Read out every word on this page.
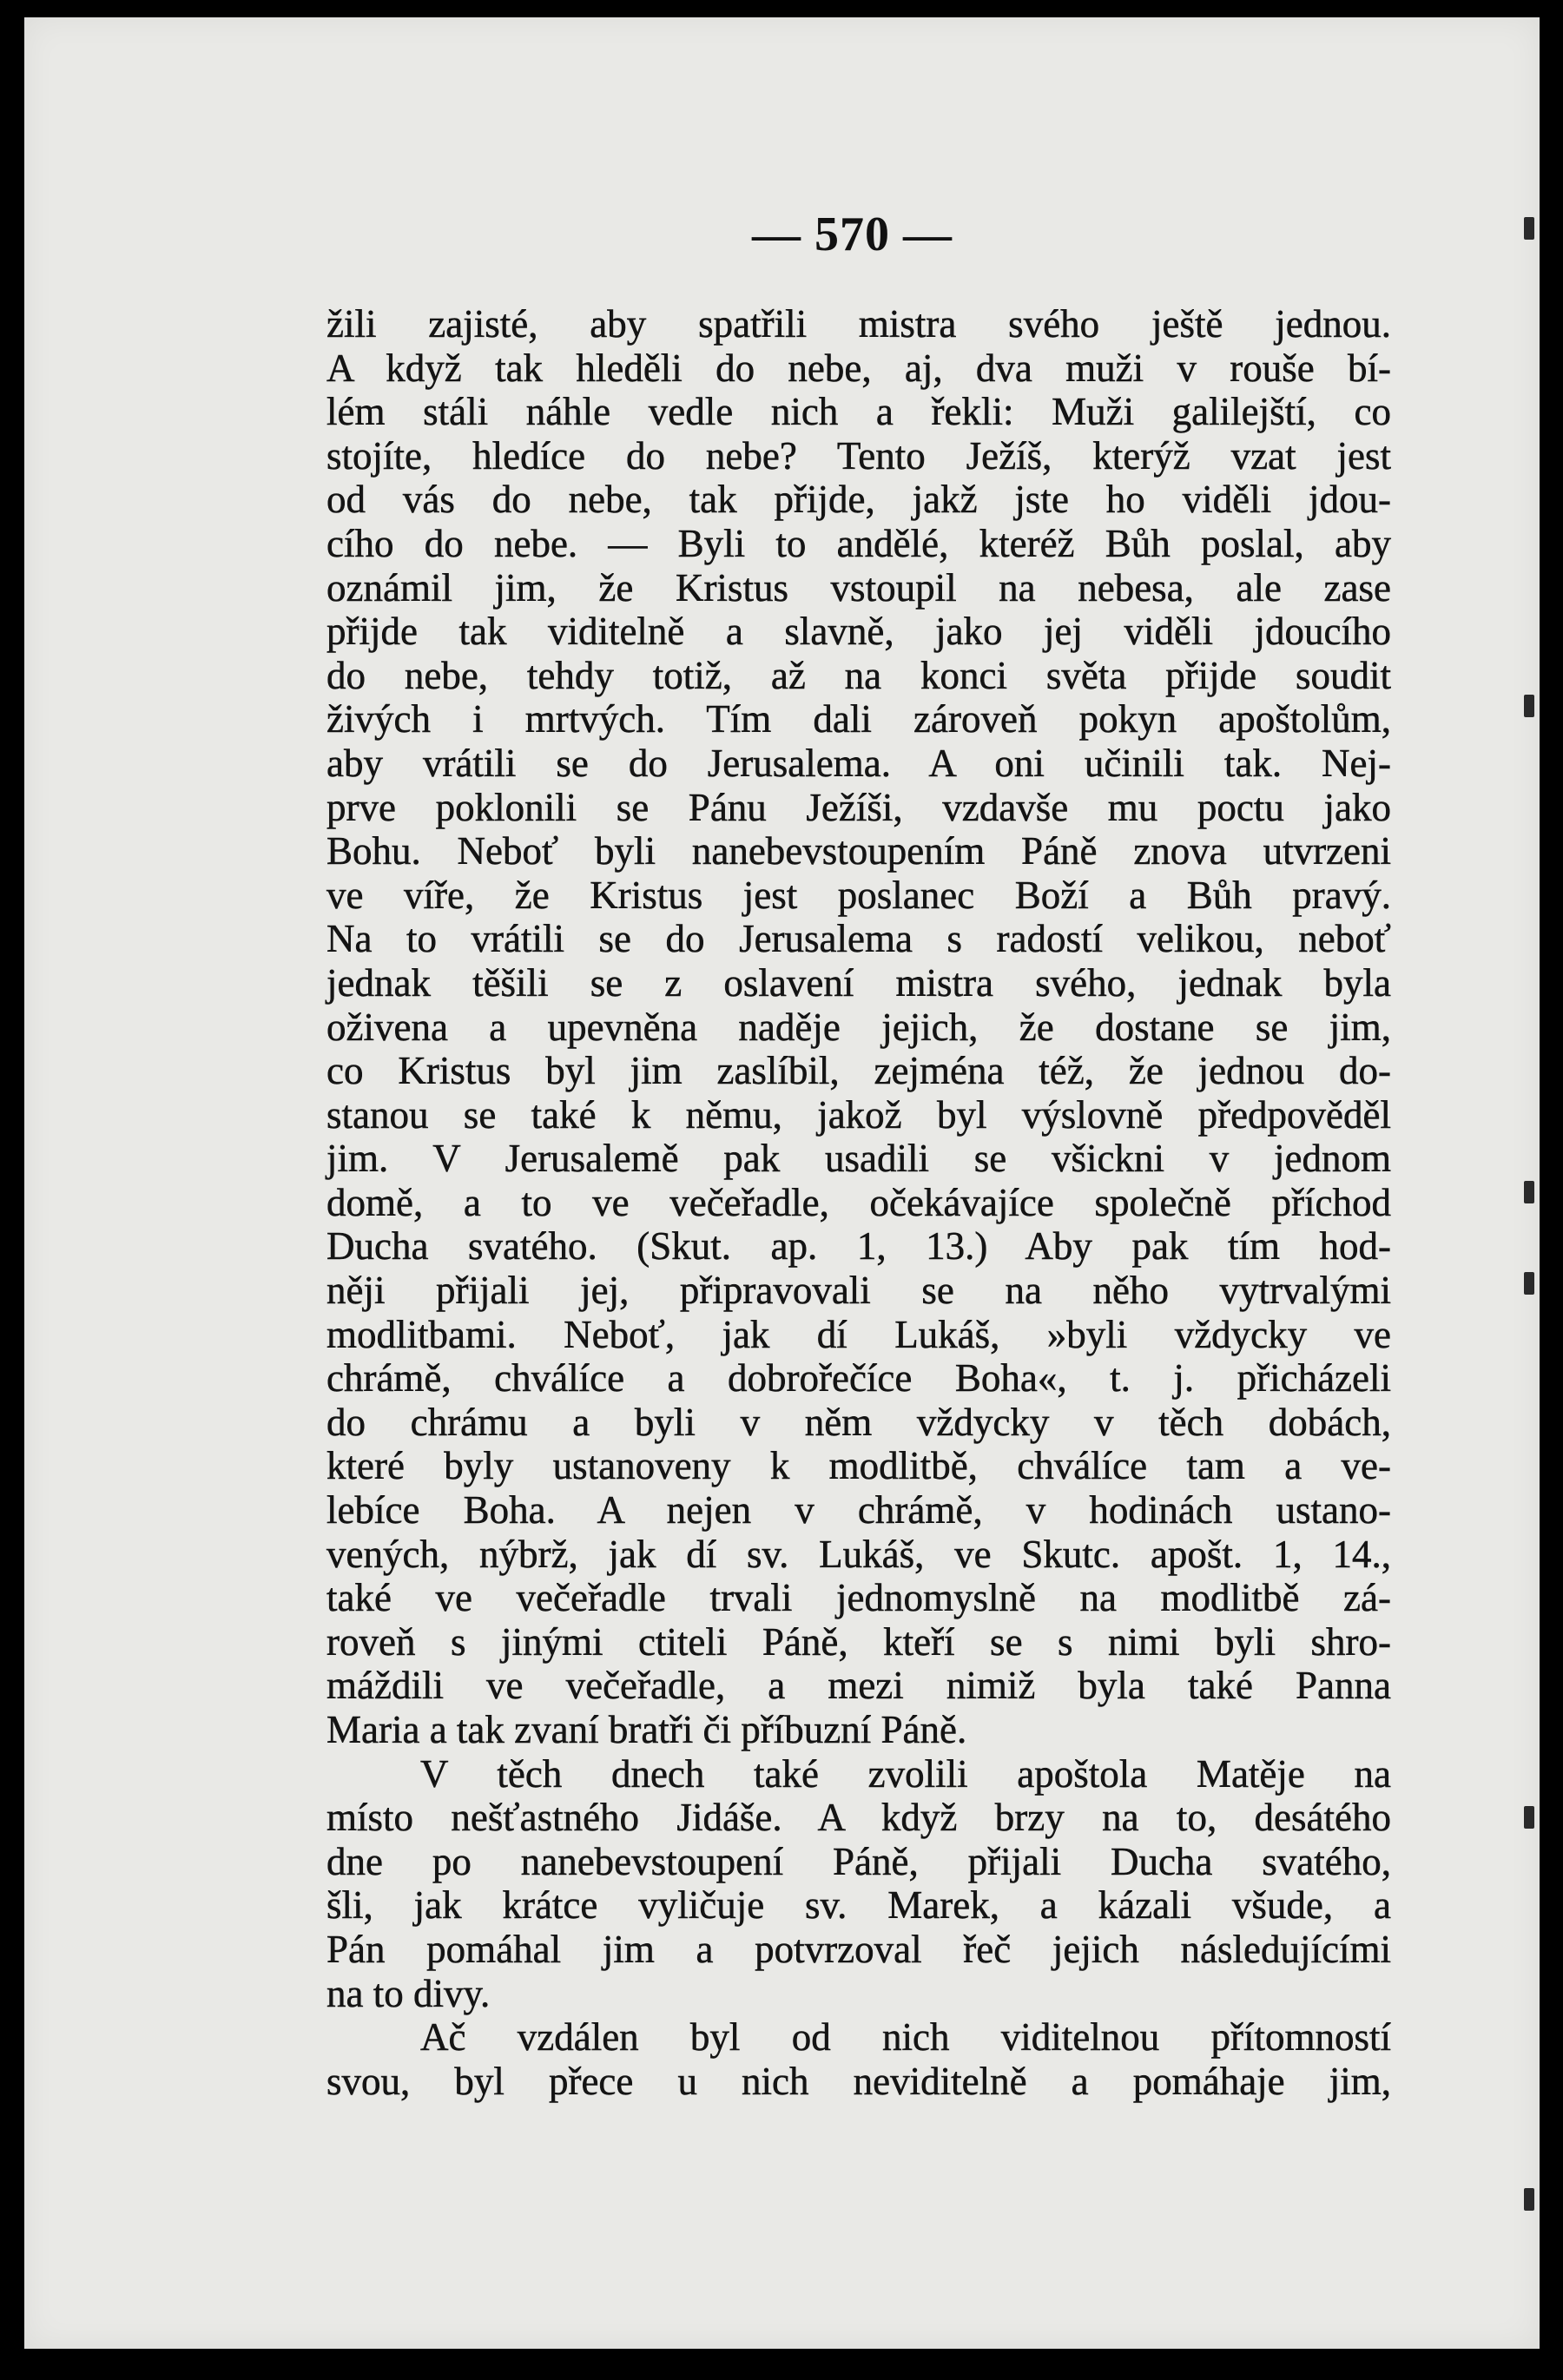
— 570 —
žili zajisté, aby spatřili mistra svého ještě jednou.
A když tak hleděli do nebe, aj, dva muži v rouše bí-
lém stáli náhle vedle nich a řekli: Muži galilejští, co
stojíte, hledíce do nebe? Tento Ježíš, kterýž vzat jest
od vás do nebe, tak přijde, jakž jste ho viděli jdou-
cího do nebe. — Byli to andělé, kteréž Bůh poslal, aby
oznámil jim, že Kristus vstoupil na nebesa, ale zase
přijde tak viditelně a slavně, jako jej viděli jdoucího
do nebe, tehdy totiž, až na konci světa přijde soudit
živých i mrtvých. Tím dali zároveň pokyn apoštolům,
aby vrátili se do Jerusalema. A oni učinili tak. Nej-
prve poklonili se Pánu Ježíši, vzdavše mu poctu jako
Bohu. Neboť byli nanebevstoupením Páně znova utvrzeni
ve víře, že Kristus jest poslanec Boží a Bůh pravý.
Na to vrátili se do Jerusalema s radostí velikou, neboť
jednak těšili se z oslavení mistra svého, jednak byla
oživena a upevněna naděje jejich, že dostane se jim,
co Kristus byl jim zaslíbil, zejména též, že jednou do-
stanou se také k němu, jakož byl výslovně předpověděl
jim. V Jerusalemě pak usadili se všickni v jednom
domě, a to ve večeřadle, očekávajíce společně příchod
Ducha svatého. (Skut. ap. 1, 13.) Aby pak tím hod-
něji přijali jej, připravovali se na něho vytrvalými
modlitbami. Neboť, jak dí Lukáš, »byli vždycky ve
chrámě, chválíce a dobrořečíce Boha«, t. j. přicházeli
do chrámu a byli v něm vždycky v těch dobách,
které byly ustanoveny k modlitbě, chválíce tam a ve-
lebíce Boha. A nejen v chrámě, v hodinách ustano-
vených, nýbrž, jak dí sv. Lukáš, ve Skutc. apošt. 1, 14.,
také ve večeřadle trvali jednomyslně na modlitbě zá-
roveň s jinými ctiteli Páně, kteří se s nimi byli shro-
máždili ve večeřadle, a mezi nimiž byla také Panna
Maria a tak zvaní bratři či příbuzní Páně.
V těch dnech také zvolili apoštola Matěje na
místo nešťastného Jidáše. A když brzy na to, desátého
dne po nanebevstoupení Páně, přijali Ducha svatého,
šli, jak krátce vyličuje sv. Marek, a kázali všude, a
Pán pomáhal jim a potvrzoval řeč jejich následujícími
na to divy.
Ač vzdálen byl od nich viditelnou přítomností
svou, byl přece u nich neviditelně a pomáhaje jim,
